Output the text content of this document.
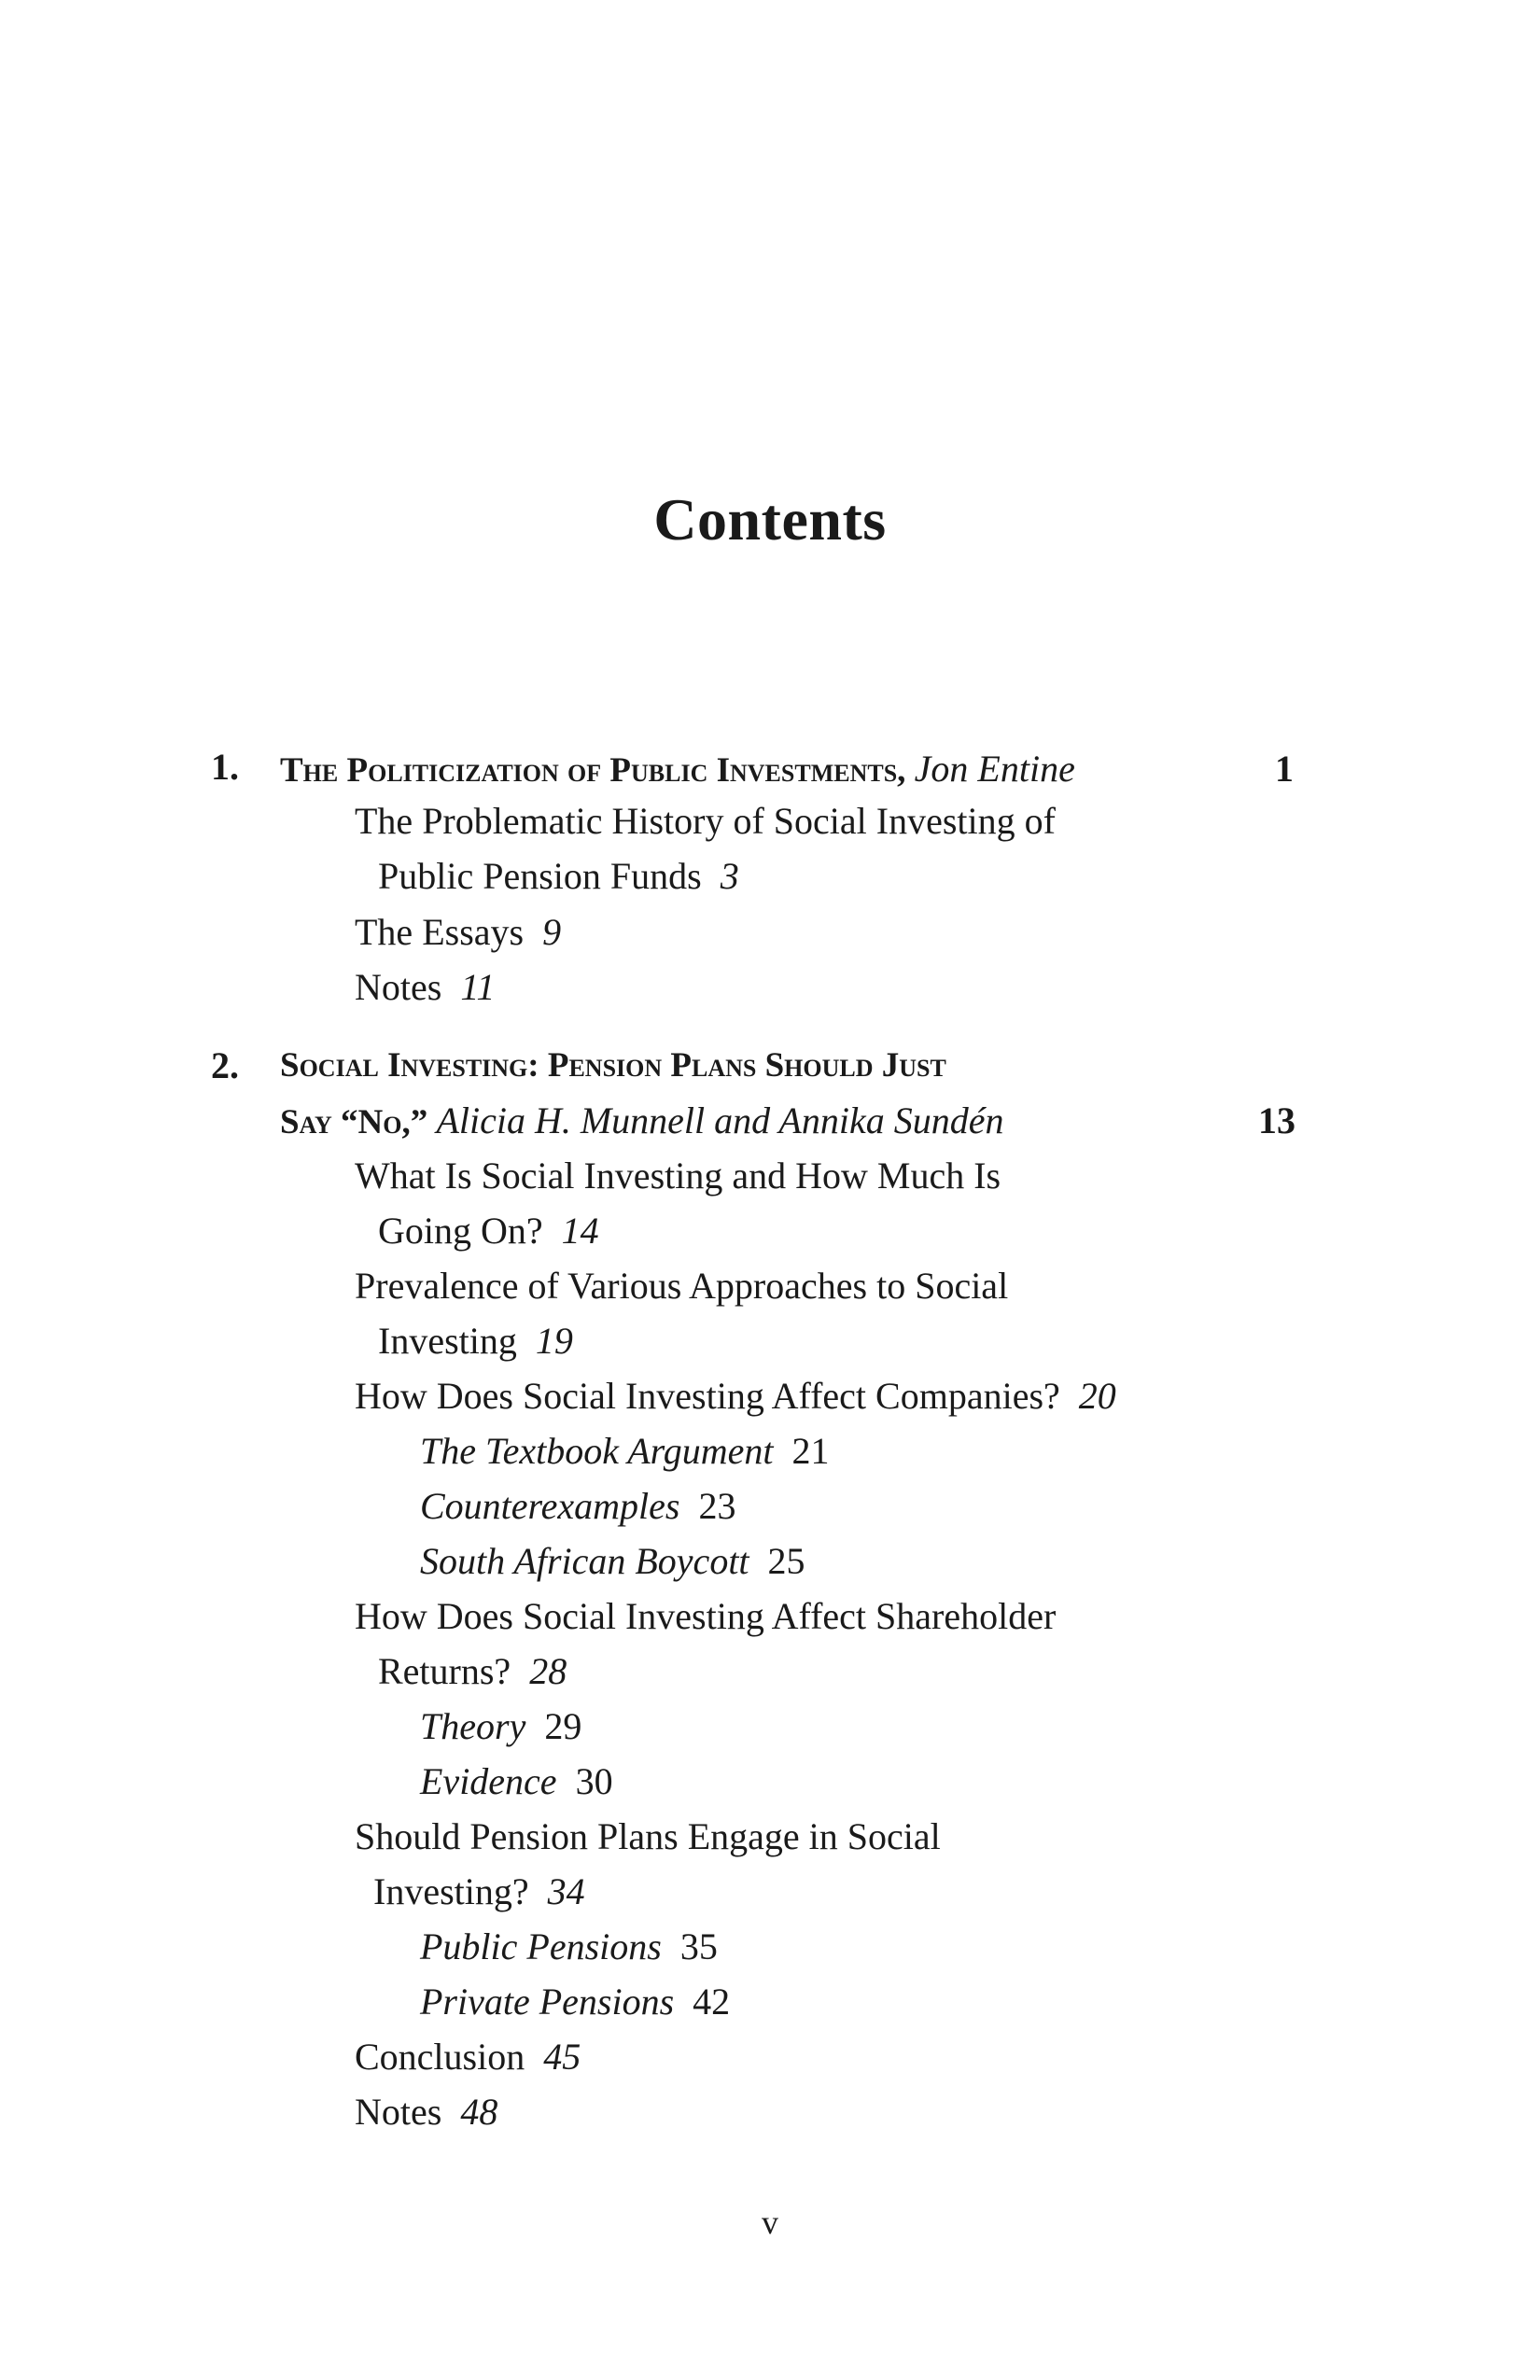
Contents
1. The Politicization of Public Investments, Jon Entine	1
The Problematic History of Social Investing of
Public Pension Funds 3
The Essays 9
Notes 11
2. Social Investing: Pension Plans Should Just
Say “No,” Alicia H. Munnell and Annika Sundén	13
What Is Social Investing and How Much Is
Going On? 14
Prevalence of Various Approaches to Social
Investing 19
How Does Social Investing Affect Companies? 20
The Textbook Argument 21
Counterexamples 23
South African Boycott 25
How Does Social Investing Affect Shareholder
Returns? 28
Theory 29
Evidence 30
Should Pension Plans Engage in Social
Investing? 34
Public Pensions 35
Private Pensions 42
Conclusion 45
Notes 48
v
